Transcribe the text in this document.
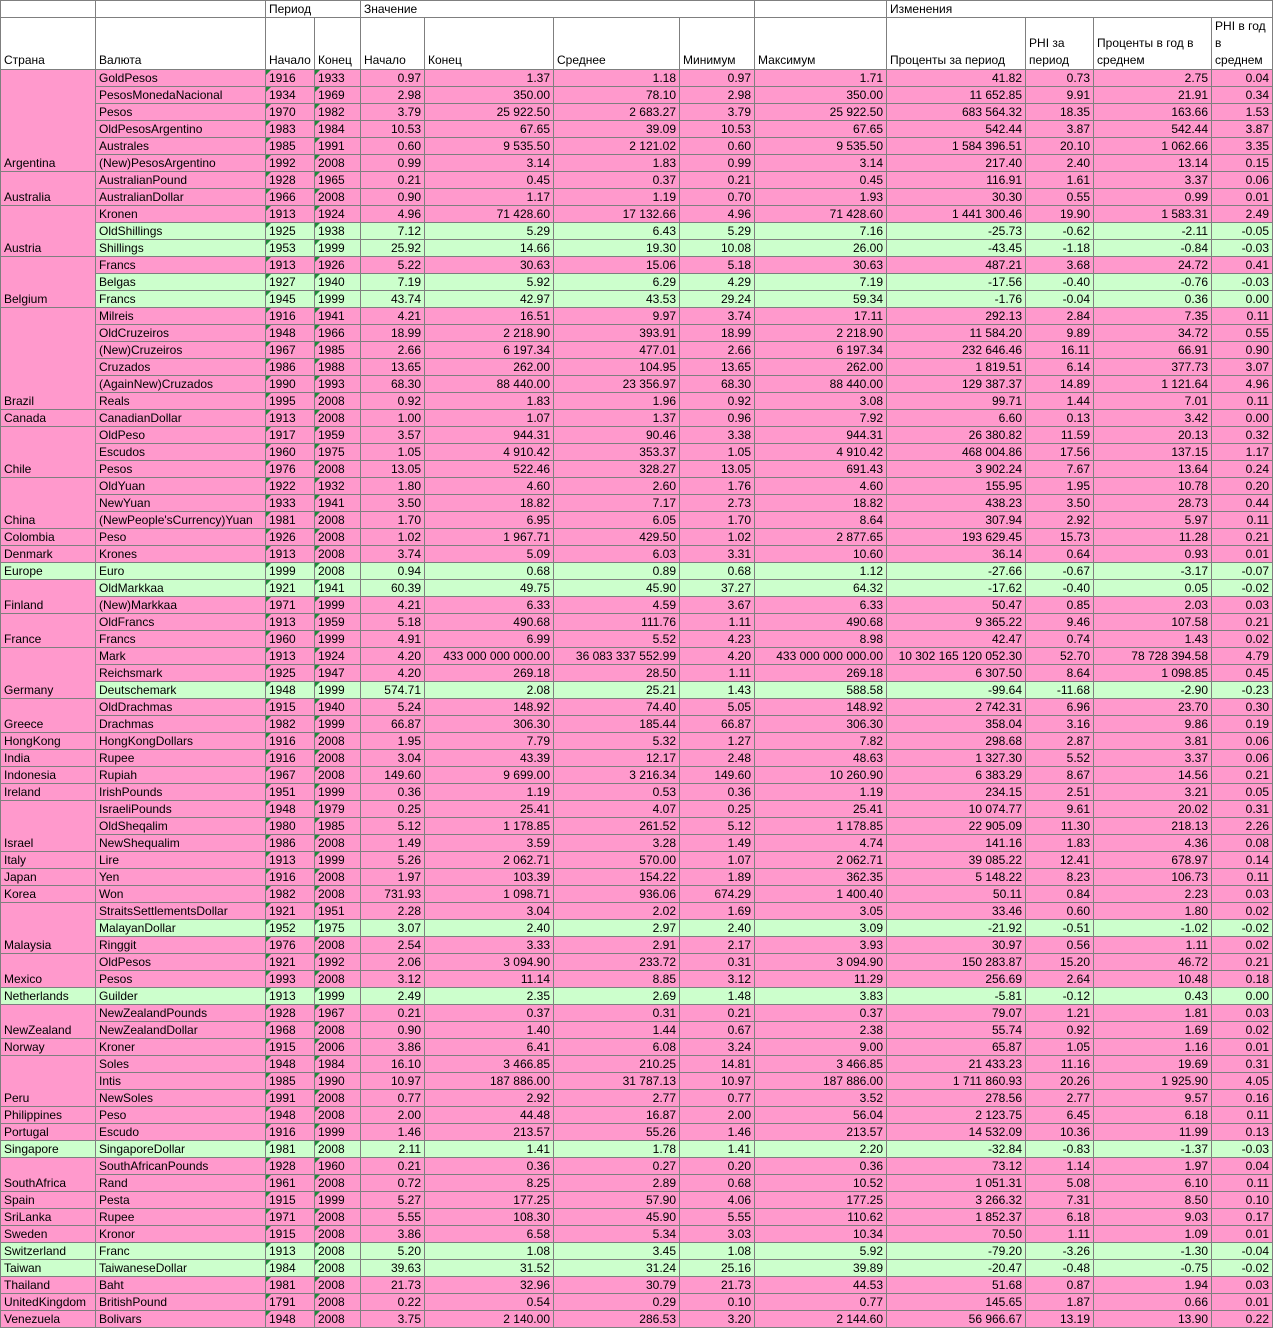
		Период		Значение					Изменения			
Страна	Валюта	Начало	Конец	Начало	Конец	Среднее	Минимум	Максимум	Проценты за период	PHI за период	Проценты в год в среднем	PHI в год в среднем
Argentina	GoldPesos	1916	1933	0.97	1.37	1.18	0.97	1.71	41.82	0.73	2.75	0.04
	PesosMonedaNacional	1934	1969	2.98	350.00	78.10	2.98	350.00	11 652.85	9.91	21.91	0.34
	Pesos	1970	1982	3.79	25 922.50	2 683.27	3.79	25 922.50	683 564.32	18.35	163.66	1.53
	OldPesosArgentino	1983	1984	10.53	67.65	39.09	10.53	67.65	542.44	3.87	542.44	3.87
	Australes	1985	1991	0.60	9 535.50	2 121.02	0.60	9 535.50	1 584 396.51	20.10	1 062.66	3.35
	(New)PesosArgentino	1992	2008	0.99	3.14	1.83	0.99	3.14	217.40	2.40	13.14	0.15
Australia	AustralianPound	1928	1965	0.21	0.45	0.37	0.21	0.45	116.91	1.61	3.37	0.06
	AustralianDollar	1966	2008	0.90	1.17	1.19	0.70	1.93	30.30	0.55	0.99	0.01
Austria	Kronen	1913	1924	4.96	71 428.60	17 132.66	4.96	71 428.60	1 441 300.46	19.90	1 583.31	2.49
	OldShillings	1925	1938	7.12	5.29	6.43	5.29	7.16	-25.73	-0.62	-2.11	-0.05
	Shillings	1953	1999	25.92	14.66	19.30	10.08	26.00	-43.45	-1.18	-0.84	-0.03
Belgium	Francs	1913	1926	5.22	30.63	15.06	5.18	30.63	487.21	3.68	24.72	0.41
	Belgas	1927	1940	7.19	5.92	6.29	4.29	7.19	-17.56	-0.40	-0.76	-0.03
	Francs	1945	1999	43.74	42.97	43.53	29.24	59.34	-1.76	-0.04	0.36	0.00
Brazil	Milreis	1916	1941	4.21	16.51	9.97	3.74	17.11	292.13	2.84	7.35	0.11
	OldCruzeiros	1948	1966	18.99	2 218.90	393.91	18.99	2 218.90	11 584.20	9.89	34.72	0.55
	(New)Cruzeiros	1967	1985	2.66	6 197.34	477.01	2.66	6 197.34	232 646.46	16.11	66.91	0.90
	Cruzados	1986	1988	13.65	262.00	104.95	13.65	262.00	1 819.51	6.14	377.73	3.07
	(AgainNew)Cruzados	1990	1993	68.30	88 440.00	23 356.97	68.30	88 440.00	129 387.37	14.89	1 121.64	4.96
	Reals	1995	2008	0.92	1.83	1.96	0.92	3.08	99.71	1.44	7.01	0.11
Canada	CanadianDollar	1913	2008	1.00	1.07	1.37	0.96	7.92	6.60	0.13	3.42	0.00
Chile	OldPeso	1917	1959	3.57	944.31	90.46	3.38	944.31	26 380.82	11.59	20.13	0.32
	Escudos	1960	1975	1.05	4 910.42	353.37	1.05	4 910.42	468 004.86	17.56	137.15	1.17
	Pesos	1976	2008	13.05	522.46	328.27	13.05	691.43	3 902.24	7.67	13.64	0.24
China	OldYuan	1922	1932	1.80	4.60	2.60	1.76	4.60	155.95	1.95	10.78	0.20
	NewYuan	1933	1941	3.50	18.82	7.17	2.73	18.82	438.23	3.50	28.73	0.44
	(NewPeople'sCurrency)Yuan	1981	2008	1.70	6.95	6.05	1.70	8.64	307.94	2.92	5.97	0.11
Colombia	Peso	1926	2008	1.02	1 967.71	429.50	1.02	2 877.65	193 629.45	15.73	11.28	0.21
Denmark	Krones	1913	2008	3.74	5.09	6.03	3.31	10.60	36.14	0.64	0.93	0.01
Europe	Euro	1999	2008	0.94	0.68	0.89	0.68	1.12	-27.66	-0.67	-3.17	-0.07
Finland	OldMarkkaa	1921	1941	60.39	49.75	45.90	37.27	64.32	-17.62	-0.40	0.05	-0.02
	(New)Markkaa	1971	1999	4.21	6.33	4.59	3.67	6.33	50.47	0.85	2.03	0.03
France	OldFrancs	1913	1959	5.18	490.68	111.76	1.11	490.68	9 365.22	9.46	107.58	0.21
	Francs	1960	1999	4.91	6.99	5.52	4.23	8.98	42.47	0.74	1.43	0.02
Germany	Mark	1913	1924	4.20	433 000 000 000.00	36 083 337 552.99	4.20	433 000 000 000.00	10 302 165 120 052.30	52.70	78 728 394.58	4.79
	Reichsmark	1925	1947	4.20	269.18	28.50	1.11	269.18	6 307.50	8.64	1 098.85	0.45
	Deutschemark	1948	1999	574.71	2.08	25.21	1.43	588.58	-99.64	-11.68	-2.90	-0.23
Greece	OldDrachmas	1915	1940	5.24	148.92	74.40	5.05	148.92	2 742.31	6.96	23.70	0.30
	Drachmas	1982	1999	66.87	306.30	185.44	66.87	306.30	358.04	3.16	9.86	0.19
HongKong	HongKongDollars	1916	2008	1.95	7.79	5.32	1.27	7.82	298.68	2.87	3.81	0.06
India	Rupee	1916	2008	3.04	43.39	12.17	2.48	48.63	1 327.30	5.52	3.37	0.06
Indonesia	Rupiah	1967	2008	149.60	9 699.00	3 216.34	149.60	10 260.90	6 383.29	8.67	14.56	0.21
Ireland	IrishPounds	1951	1999	0.36	1.19	0.53	0.36	1.19	234.15	2.51	3.21	0.05
Israel	IsraeliPounds	1948	1979	0.25	25.41	4.07	0.25	25.41	10 074.77	9.61	20.02	0.31
	OldSheqalim	1980	1985	5.12	1 178.85	261.52	5.12	1 178.85	22 905.09	11.30	218.13	2.26
	NewShequalim	1986	2008	1.49	3.59	3.28	1.49	4.74	141.16	1.83	4.36	0.08
Italy	Lire	1913	1999	5.26	2 062.71	570.00	1.07	2 062.71	39 085.22	12.41	678.97	0.14
Japan	Yen	1916	2008	1.97	103.39	154.22	1.89	362.35	5 148.22	8.23	106.73	0.11
Korea	Won	1982	2008	731.93	1 098.71	936.06	674.29	1 400.40	50.11	0.84	2.23	0.03
Malaysia	StraitsSettlementsDollar	1921	1951	2.28	3.04	2.02	1.69	3.05	33.46	0.60	1.80	0.02
	MalayanDollar	1952	1975	3.07	2.40	2.97	2.40	3.09	-21.92	-0.51	-1.02	-0.02
	Ringgit	1976	2008	2.54	3.33	2.91	2.17	3.93	30.97	0.56	1.11	0.02
Mexico	OldPesos	1921	1992	2.06	3 094.90	233.72	0.31	3 094.90	150 283.87	15.20	46.72	0.21
	Pesos	1993	2008	3.12	11.14	8.85	3.12	11.29	256.69	2.64	10.48	0.18
Netherlands	Guilder	1913	1999	2.49	2.35	2.69	1.48	3.83	-5.81	-0.12	0.43	0.00
NewZealand	NewZealandPounds	1928	1967	0.21	0.37	0.31	0.21	0.37	79.07	1.21	1.81	0.03
	NewZealandDollar	1968	2008	0.90	1.40	1.44	0.67	2.38	55.74	0.92	1.69	0.02
Norway	Kroner	1915	2006	3.86	6.41	6.08	3.24	9.00	65.87	1.05	1.16	0.01
Peru	Soles	1948	1984	16.10	3 466.85	210.25	14.81	3 466.85	21 433.23	11.16	19.69	0.31
	Intis	1985	1990	10.97	187 886.00	31 787.13	10.97	187 886.00	1 711 860.93	20.26	1 925.90	4.05
	NewSoles	1991	2008	0.77	2.92	2.77	0.77	3.52	278.56	2.77	9.57	0.16
Philippines	Peso	1948	2008	2.00	44.48	16.87	2.00	56.04	2 123.75	6.45	6.18	0.11
Portugal	Escudo	1916	1999	1.46	213.57	55.26	1.46	213.57	14 532.09	10.36	11.99	0.13
Singapore	SingaporeDollar	1981	2008	2.11	1.41	1.78	1.41	2.20	-32.84	-0.83	-1.37	-0.03
SouthAfrica	SouthAfricanPounds	1928	1960	0.21	0.36	0.27	0.20	0.36	73.12	1.14	1.97	0.04
	Rand	1961	2008	0.72	8.25	2.89	0.68	10.52	1 051.31	5.08	6.10	0.11
Spain	Pesta	1915	1999	5.27	177.25	57.90	4.06	177.25	3 266.32	7.31	8.50	0.10
SriLanka	Rupee	1971	2008	5.55	108.30	45.90	5.55	110.62	1 852.37	6.18	9.03	0.17
Sweden	Kronor	1915	2008	3.86	6.58	5.34	3.03	10.34	70.50	1.11	1.09	0.01
Switzerland	Franc	1913	2008	5.20	1.08	3.45	1.08	5.92	-79.20	-3.26	-1.30	-0.04
Taiwan	TaiwaneseDollar	1984	2008	39.63	31.52	31.24	25.16	39.89	-20.47	-0.48	-0.75	-0.02
Thailand	Baht	1981	2008	21.73	32.96	30.79	21.73	44.53	51.68	0.87	1.94	0.03
UnitedKingdom	BritishPound	1791	2008	0.22	0.54	0.29	0.10	0.77	145.65	1.87	0.66	0.01
Venezuela	Bolivars	1948	2008	3.75	2 140.00	286.53	3.20	2 144.60	56 966.67	13.19	13.90	0.22
